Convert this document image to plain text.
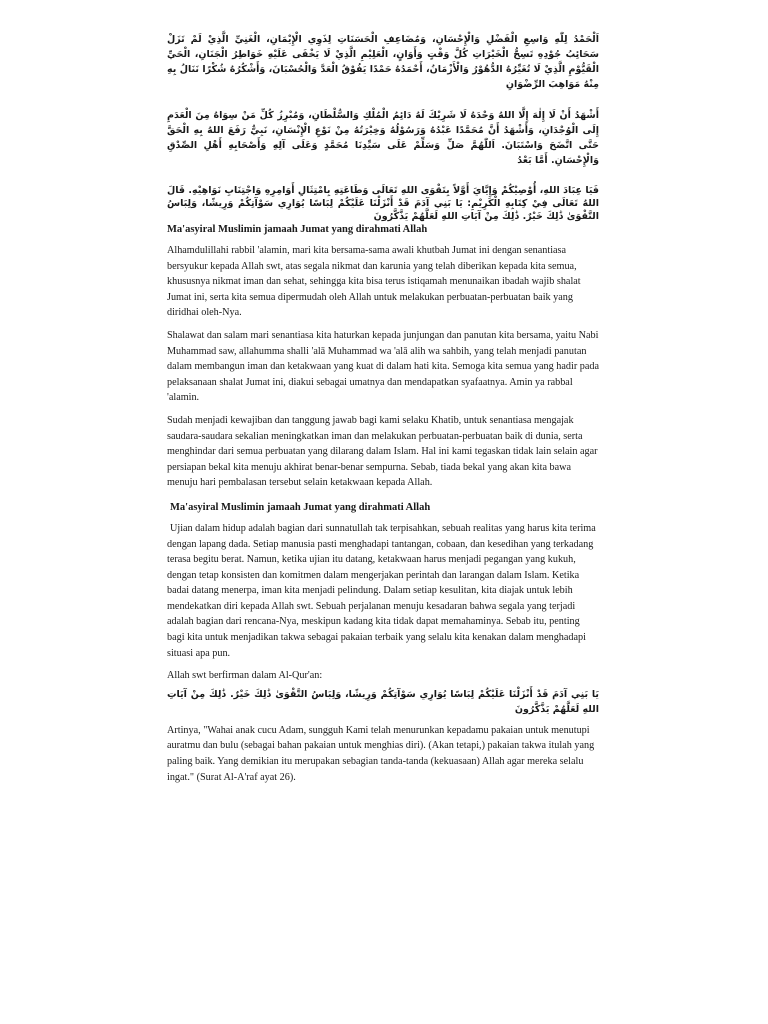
اَلْحَمْدُ لِلّٰهِ وَاسِعِ الْفَضْلِ وَالْإِحْسَانِ، وَمُضَاعِفِ الْحَسَنَاتِ لِذَوِي الْإِيْمَانِ، الْغَنِيِّ الَّذِيْ لَمْ تَزَلْ سَحَائِبُ جُوْدِهِ تَسِحُّ الْخَيْرَاتِ كُلَّ وَقْتٍ وَأَوَانٍ، الْعَلِيْمِ الَّذِيْ لَا يَخْفَى عَلَيْهِ خَوَاطِرُ الْجَنَانِ، الْحَيِّ الْقَيُّوْمِ الَّذِيْ لَا تُغَيِّرُهُ الدُّهُوْرُ وَالْأَزْمَانُ، أَحْمَدُهُ حَمْدًا يَفُوْقُ الْعَدَّ وَالْحُسْبَانَ، وَأَشْكُرُهُ شُكْرًا نَنَالُ بِهِ مِنْهُ مَوَاهِبَ الرِّضْوَانِ

أَشْهَدُ أَنْ لَا إِلٰهَ إِلَّا اللهُ وَحْدَهُ لَا شَرِيْكَ لَهُ دَائِمُ الْمُلْكِ وَالسُّلْطَانِ، وَمُبْرِزُ كُلِّ مَنْ سِوَاهُ مِنَ الْعَدَمِ إِلَى الْوُجْدَانِ، وَأَشْهَدُ أَنَّ مُحَمَّدًا عَبْدُهُ وَرَسُوْلُهُ وَخِيْرَتُهُ مِنْ نَوْعِ الْإِنْسَانِ، نَبِيٌّ رَفَعَ اللهُ بِهِ الْحَقَّ حَتَّى اتَّضَحَ وَاسْتَبَانَ. اَللّٰهُمَّ صَلِّ وَسَلِّمْ عَلَى سَيِّدِنَا مُحَمَّدٍ وَعَلَى آلِهِ وَأَصْحَابِهِ أَهْلِ الصِّدْقِ وَالْإِحْسَانِ. أَمَّا بَعْدُ

فَيَا عِبَادَ اللهِ، أُوْصِيْكُمْ وَإِيَّايَ أَوَّلاً بِتَقْوَى اللهِ تَعَالَى وَطَاعَتِهِ بِامْتِثَالِ أَوَامِرِهِ وَاجْتِنَابِ نَوَاهِيْهِ. قَالَ اللهُ تَعَالَى فِيْ كِتَابِهِ الْكَرِيْمِ: يَا بَنِي آدَمَ قَدْ أَنْزَلْنَا عَلَيْكُمْ لِبَاسًا يُوَارِي سَوْآتِكُمْ وَرِيشًا، وَلِبَاسُ التَّقْوَىٰ ذَٰلِكَ خَيْرٌ. ذَٰلِكَ مِنْ آيَاتِ اللهِ لَعَلَّهُمْ يَذَّكَّرُونَ

Ma'asyiral Muslimin jamaah Jumat yang dirahmati Allah

Alhamdulillahi rabbil 'alamin, mari kita bersama-sama awali khutbah Jumat ini dengan senantiasa bersyukur kepada Allah swt, atas segala nikmat dan karunia yang telah diberikan kepada kita semua, khususnya nikmat iman dan sehat, sehingga kita bisa terus istiqamah menunaikan ibadah wajib shalat Jumat ini, serta kita semua dipermudah oleh Allah untuk melakukan perbuatan-perbuatan baik yang diridhai oleh-Nya.

Shalawat dan salam mari senantiasa kita haturkan kepada junjungan dan panutan kita bersama, yaitu Nabi Muhammad saw, allahumma shalli 'alā Muhammad wa 'alā alih wa sahbih, yang telah menjadi panutan dalam membangun iman dan ketakwaan yang kuat di dalam hati kita. Semoga kita semua yang hadir pada pelaksanaan shalat Jumat ini, diakui sebagai umatnya dan mendapatkan syafaatnya. Amin ya rabbal 'alamin.

Sudah menjadi kewajiban dan tanggung jawab bagi kami selaku Khatib, untuk senantiasa mengajak saudara-saudara sekalian meningkatkan iman dan melakukan perbuatan-perbuatan baik di dunia, serta menghindar dari semua perbuatan yang dilarang dalam Islam. Hal ini kami tegaskan tidak lain selain agar persiapan bekal kita menuju akhirat benar-benar sempurna. Sebab, tiada bekal yang akan kita bawa menuju hari pembalasan tersebut selain ketakwaan kepada Allah.

Ma'asyiral Muslimin jamaah Jumat yang dirahmati Allah

Ujian dalam hidup adalah bagian dari sunnatullah tak terpisahkan, sebuah realitas yang harus kita terima dengan lapang dada. Setiap manusia pasti menghadapi tantangan, cobaan, dan kesedihan yang terkadang terasa begitu berat. Namun, ketika ujian itu datang, ketakwaan harus menjadi pegangan yang kukuh, dengan tetap konsisten dan komitmen dalam mengerjakan perintah dan larangan dalam Islam. Ketika badai datang menerpa, iman kita menjadi pelindung. Dalam setiap kesulitan, kita diajak untuk lebih mendekatkan diri kepada Allah swt. Sebuah perjalanan menuju kesadaran bahwa segala yang terjadi adalah bagian dari rencana-Nya, meskipun kadang kita tidak dapat memahaminya. Sebab itu, penting bagi kita untuk menjadikan takwa sebagai pakaian terbaik yang selalu kita kenakan dalam menghadapi situasi apa pun.

Allah swt berfirman dalam Al-Qur'an:

يَا بَنِي آدَمَ قَدْ أَنْزَلْنَا عَلَيْكُمْ لِبَاسًا يُوَارِي سَوْآتِكُمْ وَرِيشًا، وَلِبَاسُ التَّقْوَىٰ ذَٰلِكَ خَيْرٌ. ذَٰلِكَ مِنْ آيَاتِ اللهِ لَعَلَّهُمْ يَذَّكَّرُونَ

Artinya, "Wahai anak cucu Adam, sungguh Kami telah menurunkan kepadamu pakaian untuk menutupi auratmu dan bulu (sebagai bahan pakaian untuk menghias diri). (Akan tetapi,) pakaian takwa itulah yang paling baik. Yang demikian itu merupakan sebagian tanda-tanda (kekuasaan) Allah agar mereka selalu ingat." (Surat Al-A'raf ayat 26).
